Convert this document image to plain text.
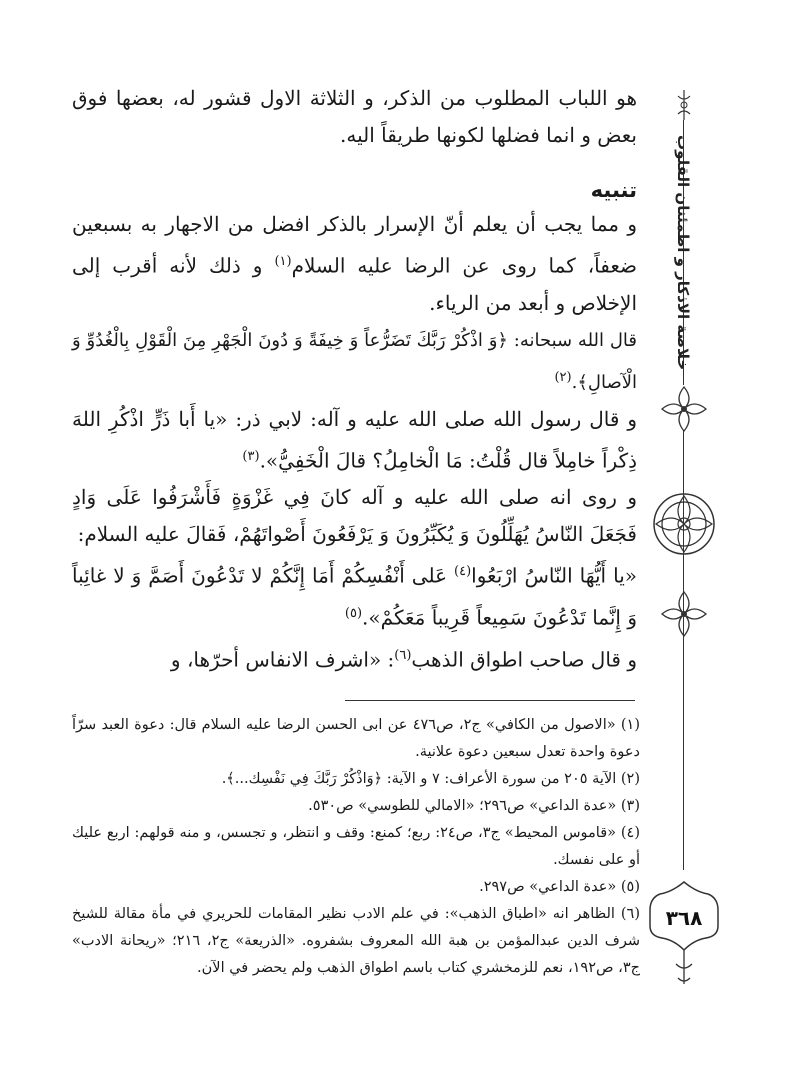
خلاصة الاذكار و اطمئنان القلوب
٣٦٨

هو اللباب المطلوب من الذكر، و الثلاثة الاول قشور له، بعضها فوق بعض و انما فضلها لكونها طريقاً اليه.

تنبيه

و مما يجب أن يعلم أنّ الإسرار بالذكر افضل من الاجهار به بسبعين ضعفاً، كما روى عن الرضا عليه السلام$^{(١)}$ و ذلك لأنه أقرب إلى الإخلاص و أبعد من الرياء.

قال الله سبحانه: ﴿وَ اذْكُرْ رَبَّكَ تَضَرُّعاً وَ خِيفَةً وَ دُونَ الْجَهْرِ مِنَ الْقَوْلِ بِالْغُدُوِّ وَ الْآصالِ﴾.$^{(٢)}$

و قال رسول الله صلى الله عليه و آله: لابي ذر: «يا أَبا ذَرٍّ اذْكُرِ اللهَ ذِكْراً خامِلاً قال قُلْتُ: مَا الْخامِلُ؟ قالَ الْخَفِيُّ».$^{(٣)}$

و روى انه صلى الله عليه و آله كانَ فِي غَزْوَةٍ فَأَشْرَفُوا عَلَى وَادٍ فَجَعَلَ النّاسُ يُهَلِّلُونَ وَ يُكَبِّرُونَ وَ يَرْفَعُونَ أَصْواتَهُمْ، فَقالَ عليه السلام:

«يا أَيُّهَا النّاسُ ارْبَعُوا$^{(٤)}$ عَلى أَنْفُسِكُمْ أَمَا إِنَّكُمْ لا تَدْعُونَ أَصَمَّ وَ لا غائِباً وَ إِنَّما تَدْعُونَ سَمِيعاً قَرِيباً مَعَكُمْ».$^{(٥)}$

و قال صاحب اطواق الذهب$^{(٦)}$: «اشرف الانفاس أحرّها، و

(١) «الاصول من الكافي» ج٢، ص٤٧٦ عن ابى الحسن الرضا عليه السلام قال: دعوة العبد سرّاً دعوة واحدة تعدل سبعين دعوة علانية.

(٢) الآية ٢٠٥ من سورة الأعراف: ٧ و الآية: ﴿وَاذْكُرْ رَبَّكَ فِي نَفْسِك...﴾.

(٣) «عدة الداعي» ص٢٩٦؛ «الامالي للطوسي» ص٥٣٠.

(٤) «قاموس المحيط» ج٣، ص٢٤: ربع؛ كمنع: وقف و انتظر، و تجسس، و منه قولهم: اربع عليك أو على نفسك.

(٥) «عدة الداعي» ص٢٩٧.

(٦) الظاهر انه «اطباق الذهب»: في علم الادب نظير المقامات للحريري في مأة مقالة للشيخ شرف الدين عبدالمؤمن بن هبة الله المعروف بشفروه. «الذريعة» ج٢، ٢١٦؛ «ريحانة الادب» ج٣، ص١٩٢، نعم للزمخشري كتاب باسم اطواق الذهب ولم يحضر في الآن.
